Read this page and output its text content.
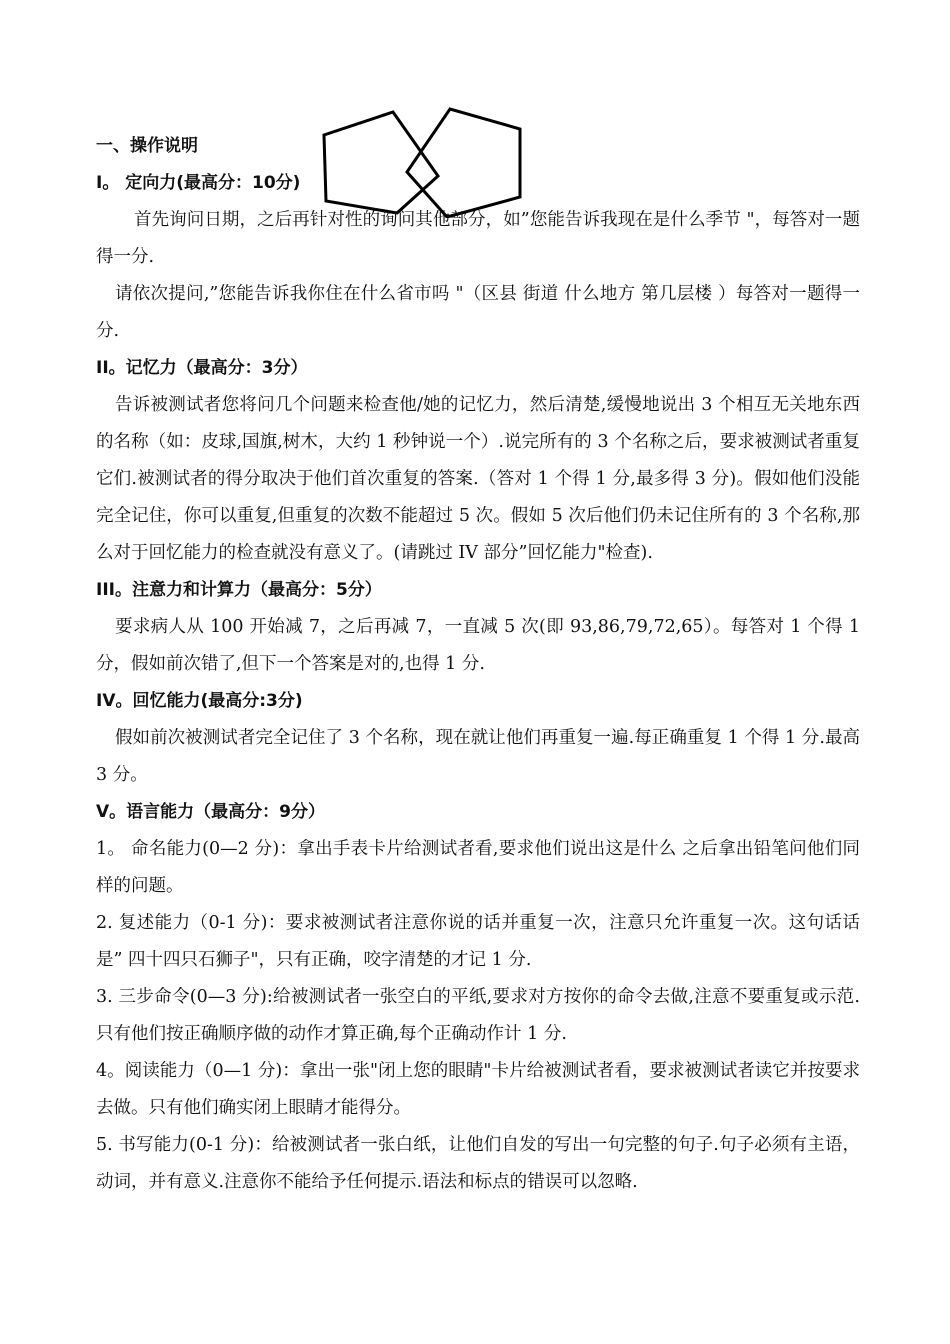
一、操作说明

I。 定向力(最高分：10分)

首先询问日期，之后再针对性的询问其他部分，如”您能告诉我现在是什么季节 "，每答对一题得一分.

请依次提问,”您能告诉我你住在什么省市吗 "（区县 街道 什么地方 第几层楼 ）每答对一题得一分.

II。记忆力（最高分：3分）

告诉被测试者您将问几个问题来检查他/她的记忆力，然后清楚,缓慢地说出 3 个相互无关地东西的名称（如：皮球,国旗,树木，大约 1 秒钟说一个）.说完所有的 3 个名称之后，要求被测试者重复它们.被测试者的得分取决于他们首次重复的答案.（答对 1 个得 1 分,最多得 3 分)。假如他们没能完全记住，你可以重复,但重复的次数不能超过 5 次。假如 5 次后他们仍未记住所有的 3 个名称,那么对于回忆能力的检查就没有意义了。(请跳过 IV 部分”回忆能力"检查).

III。注意力和计算力（最高分：5分）

要求病人从 100 开始减 7，之后再减 7，一直减 5 次(即 93,86,79,72,65）。每答对 1 个得 1 分，假如前次错了,但下一个答案是对的,也得 1 分.

IV。回忆能力(最高分:3分)

假如前次被测试者完全记住了 3 个名称，现在就让他们再重复一遍.每正确重复 1 个得 1 分.最高 3 分。

V。语言能力（最高分：9分）

1。 命名能力(0—2 分)：拿出手表卡片给测试者看,要求他们说出这是什么 之后拿出铅笔问他们同样的问题。

2. 复述能力（0-1 分)：要求被测试者注意你说的话并重复一次，注意只允许重复一次。这句话话是” 四十四只石狮子"，只有正确，咬字清楚的才记 1 分.

3. 三步命令(0—3 分):给被测试者一张空白的平纸,要求对方按你的命令去做,注意不要重复或示范.只有他们按正确顺序做的动作才算正确,每个正确动作计 1 分.

4。阅读能力（0—1 分)：拿出一张"闭上您的眼睛"卡片给被测试者看，要求被测试者读它并按要求去做。只有他们确实闭上眼睛才能得分。

5. 书写能力(0-1 分)：给被测试者一张白纸，让他们自发的写出一句完整的句子.句子必须有主语，动词，并有意义.注意你不能给予任何提示.语法和标点的错误可以忽略.
